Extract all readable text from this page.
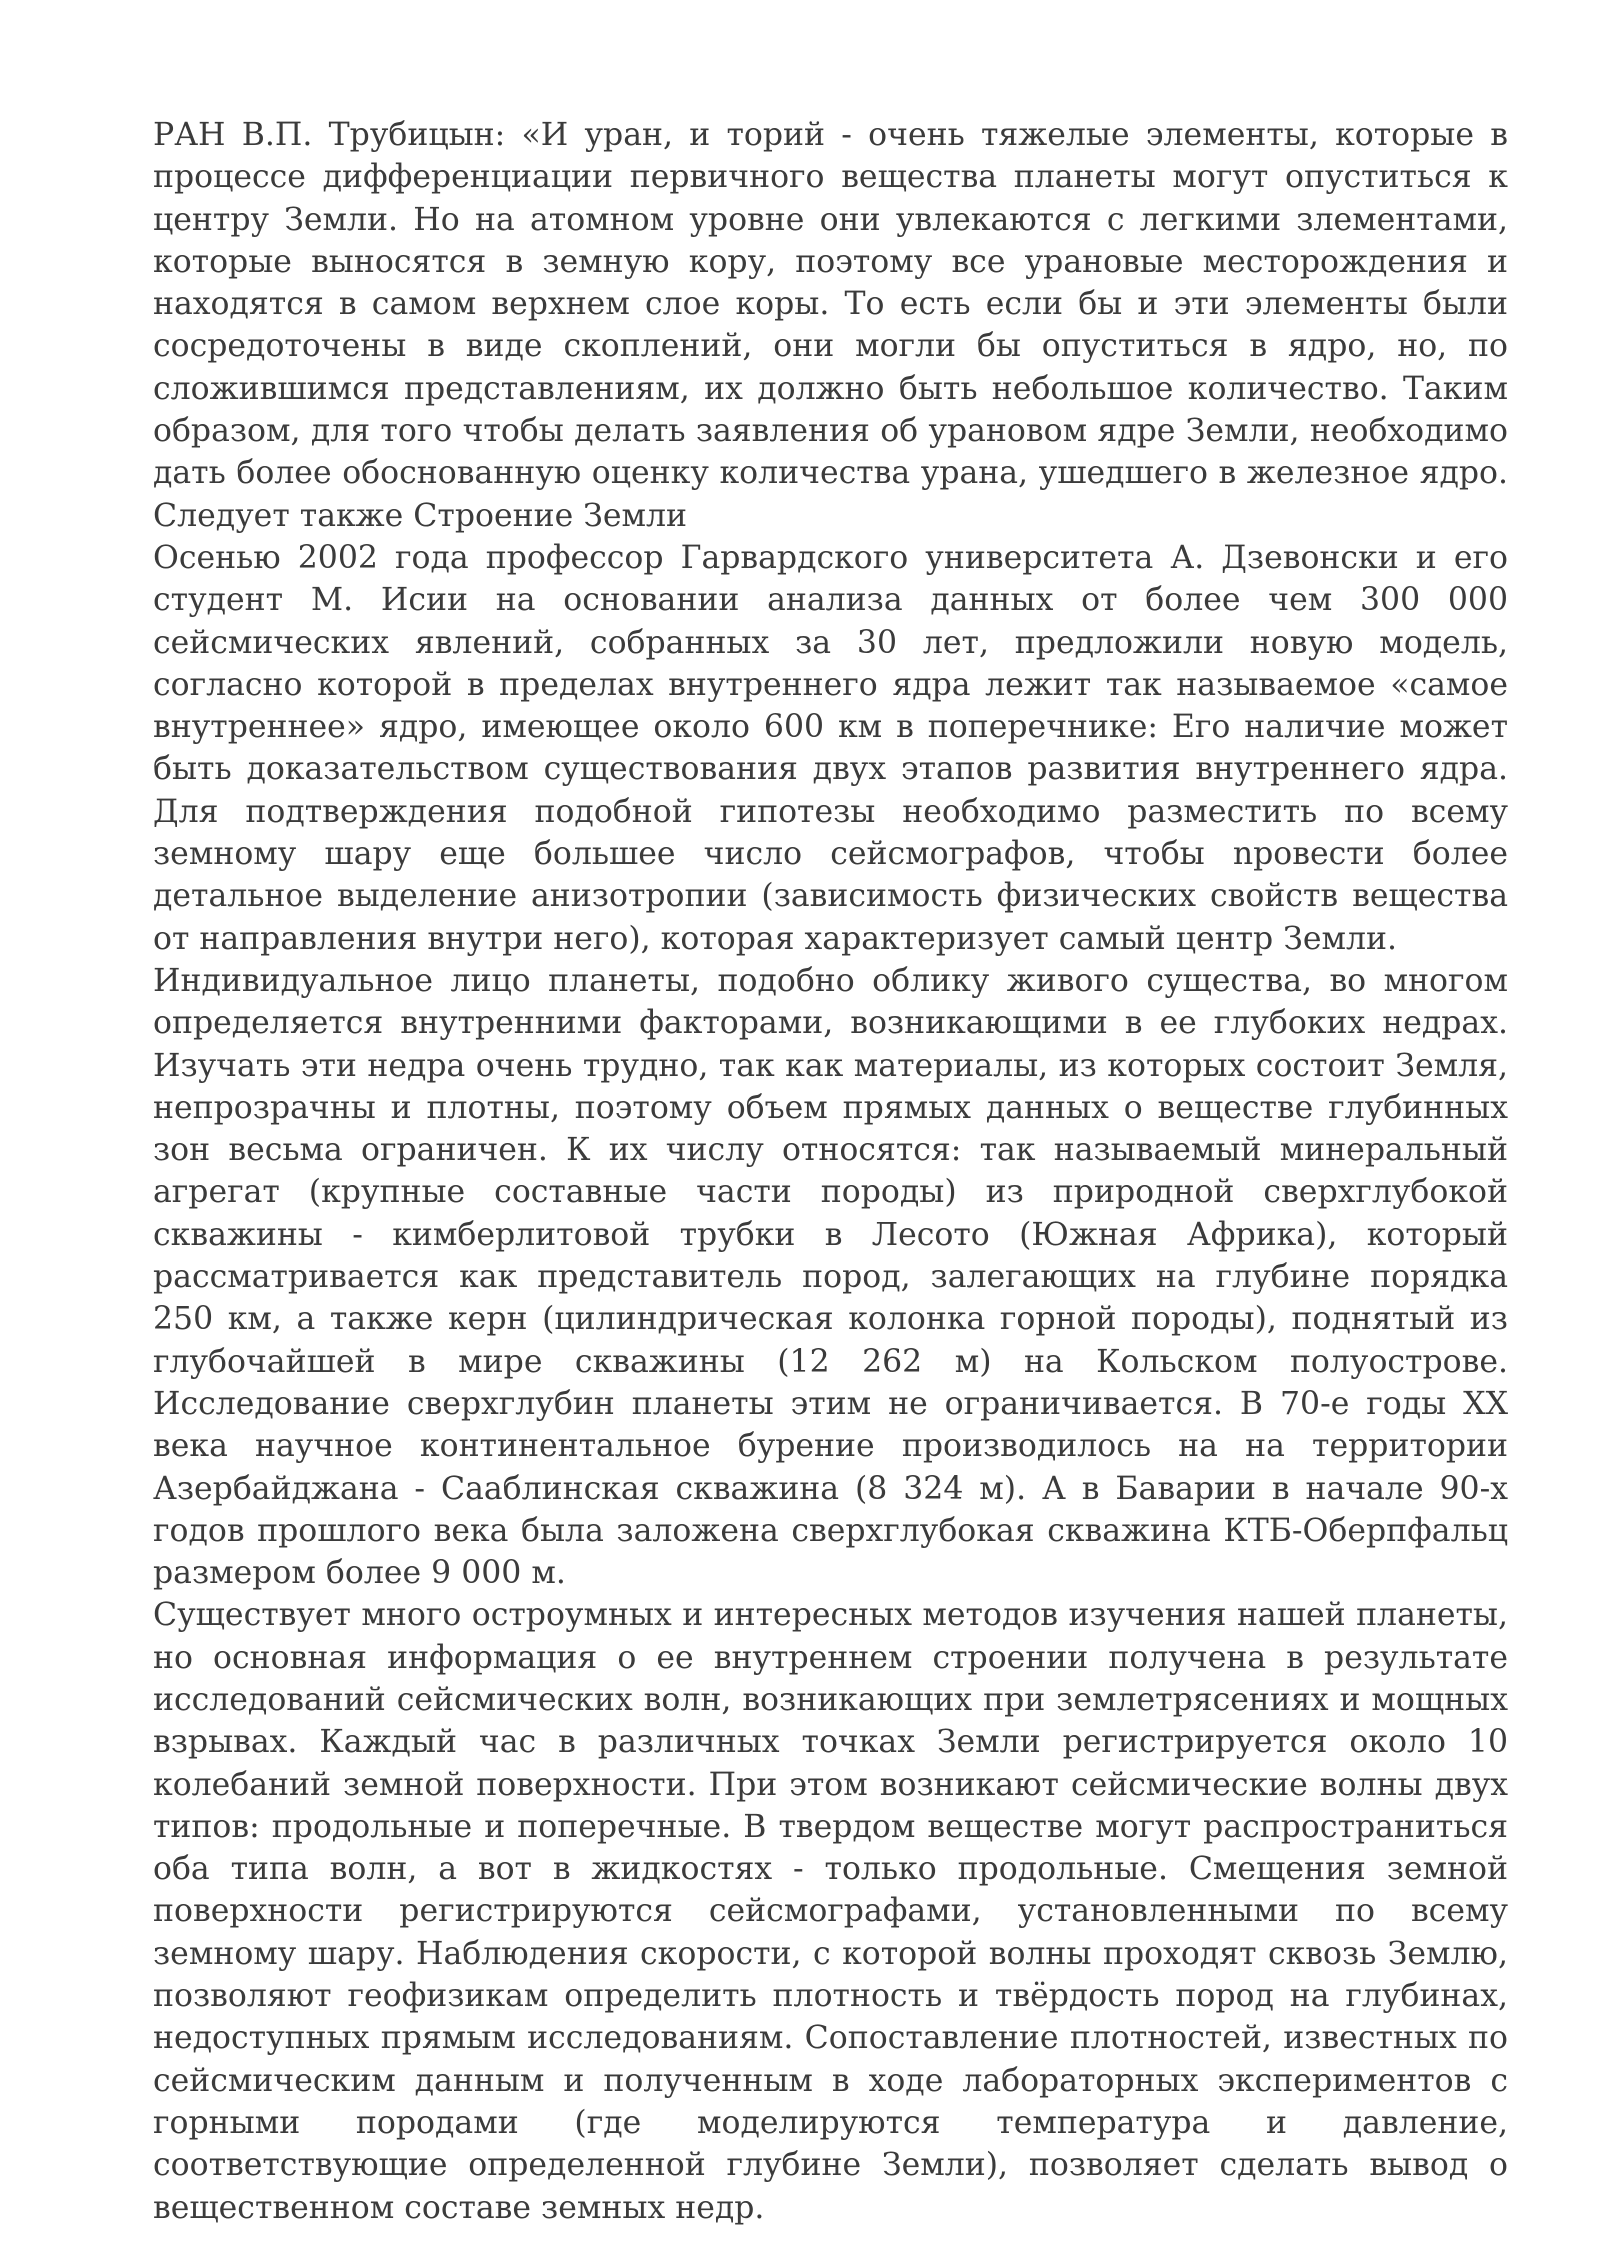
РАН В.П. Трубицын: «И уран, и торий - очень тяжелые элементы, которые в процессе дифференциации первичного вещества планеты могут опуститься к центру Земли. Но на атомном уровне они увлекаются с легкими злементами, которые выносятся в земную кору, поэтому все урановые месторождения и находятся в самом верхнем слое коры. То есть если бы и эти элементы были сосредоточены в виде скоплений, они могли бы опуститься в ядро, но, по сложившимся представлениям, их должно быть небольшое количество. Таким образом, для того чтобы делать заявления об урановом ядре Земли, необходимо дать более обоснованную оценку количества урана, ушедшего в железное ядро. Следует также Строение Земли

Осенью 2002 года профессор Гарвардского университета А. Дзевонски и его студент М. Исии на основании анализа данных от более чем 300 000 сейсмических явлений, собранных за 30 лет, предложили новую модель, согласно которой в пределах внутреннего ядра лежит так называемое «самое внутреннее» ядро, имеющее около 600 км в поперечнике: Его наличие может быть доказательством существования двух этапов развития внутреннего ядра. Для подтверждения подобной гипотезы необходимо разместить по всему земному шару еще большее число сейсмографов, чтобы nровести более детальное выделение анизотропии (зависимость физических свойств вещества от направления внутри него), которая характеризует самый центр Земли.

Индивидуальное лицо планеты, подобно облику живого существа, во многом определяется внутренними факторами, возникающими в ее глубоких недрах. Изучать эти недра очень трудно, так как материалы, из которых состоит Земля, непрозрачны и плотны, поэтому объем прямых данных о веществе глубинных зон весьма ограничен. К их числу относятся: так называемый минеральный агрегат (крупные составные части породы) из природной сверхглубокой скважины - кимберлитовой трубки в Лесото (Южная Африка), который рассматривается как представитель пород, залегающих на глубине порядка 250 км, а также керн (цилиндрическая колонка горной породы), поднятый из глубочайшей в мире скважины (12 262 м) на Кольском полуострове. Исследование сверхглубин планеты этим не ограничивается. В 70-е годы XX века научное континентальное бурение производилось на на территории Азербайджана - Сааблинская скважина (8 324 м). А в Баварии в начале 90-х годов прошлого века была заложена сверхглубокая скважина КТБ-Оберпфальц размером более 9 000 м.

Существует много остроумных и интересных методов изучения нашей планеты, но основная информация о ее внутреннем строении получена в результате исследований сейсмических волн, возникающих при землетрясениях и мощных взрывах. Каждый час в различных точках Земли регистрируется около 10 колебаний земной поверхности. При этом возникают сейсмические волны двух типов: продольные и поперечные. В твердом веществе могут распространиться оба типа волн, а вот в жидкостях - только продольные. Смещения земной поверхности регистрируются сейсмографами, установленными по всему земному шару. Наблюдения скорости, с которой волны проходят сквозь Землю, позволяют геофизикам определить плотность и твёрдость пород на глубинах, недоступных прямым исследованиям. Сопоставление плотностей, известных по сейсмическим данным и полученным в ходе лабораторных экспериментов с горными породами (где моделируются температура и давление, соответствующие определенной глубине Земли), позволяет сделать вывод о вещественном составе земных недр.
